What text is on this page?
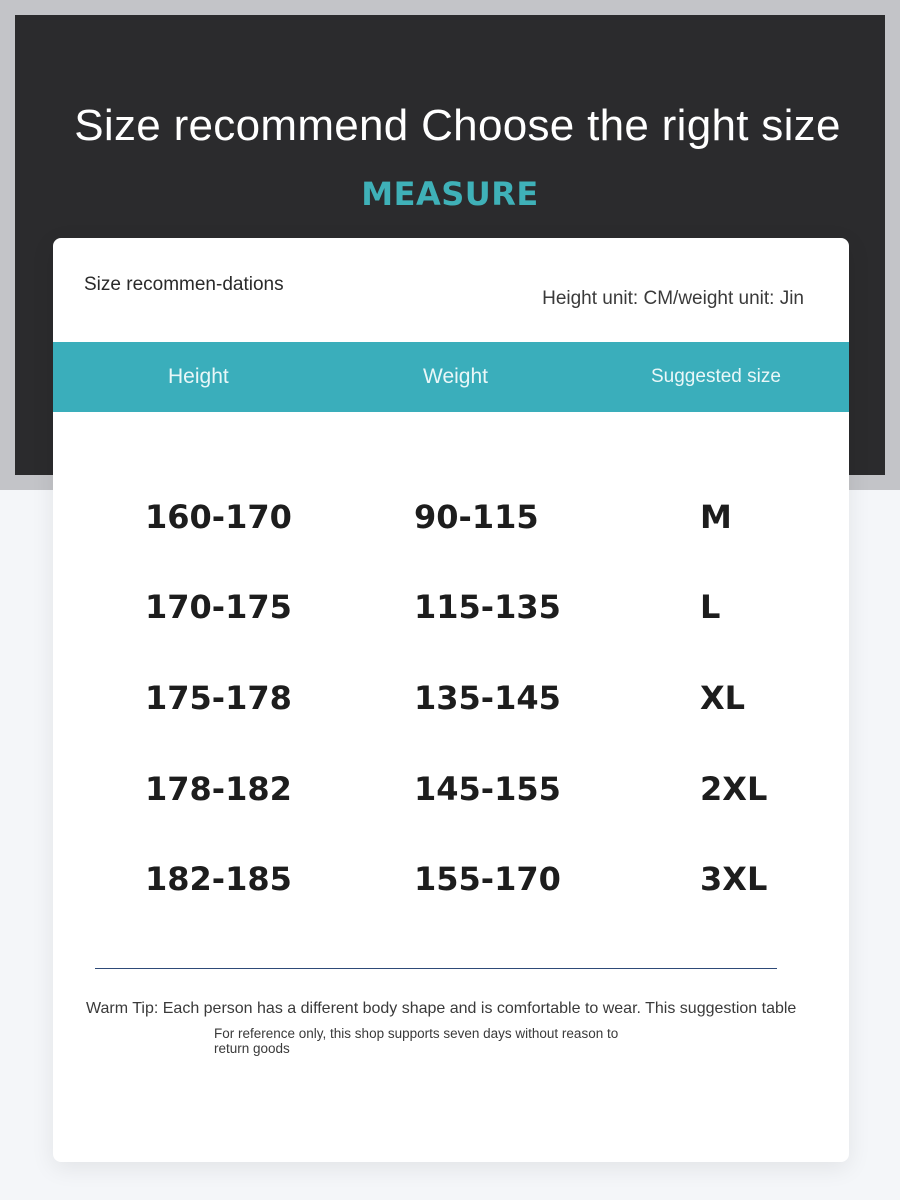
Size recommend Choose the right size
MEASURE
Size recommen-dations
Height unit: CM/weight unit: Jin
Height	Weight	Suggested size
160-170	90-115	M
170-175	115-135	L
175-178	135-145	XL
178-182	145-155	2XL
182-185	155-170	3XL
Warm Tip: Each person has a different body shape and is comfortable to wear. This suggestion table
For reference only, this shop supports seven days without reason to return goods
